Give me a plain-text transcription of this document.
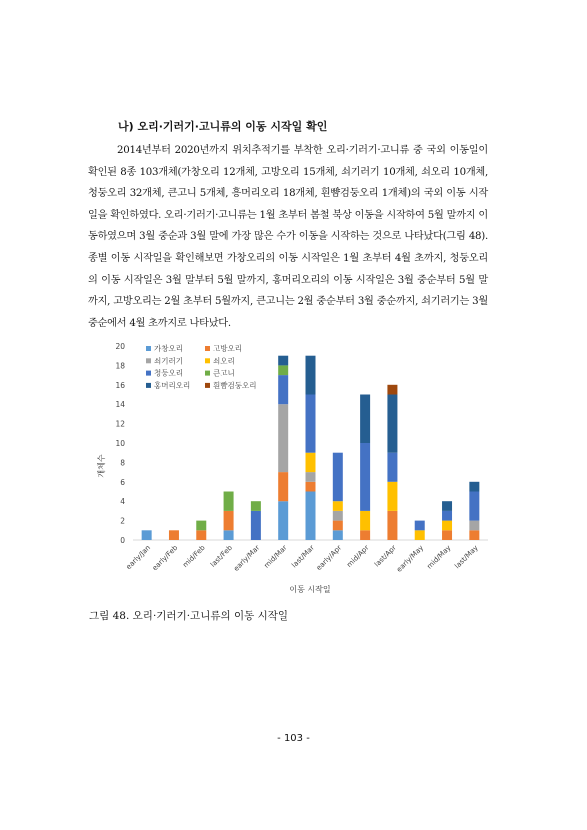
나) 오리·기러기·고니류의 이동 시작일 확인

2014년부터 2020년까지 위치추적기를 부착한 오리·기러기·고니류 중 국외 이동일이 확인된 8종 103개체(가창오리 12개체, 고방오리 15개체, 쇠기러기 10개체, 쇠오리 10개체, 청둥오리 32개체, 큰고니 5개체, 흥머리오리 18개체, 흰뺨검둥오리 1개체)의 국외 이동 시작일을 확인하였다. 오리·기러기·고니류는 1월 초부터 봄철 북상 이동을 시작하여 5월 말까지 이동하였으며 3월 중순과 3월 말에 가장 많은 수가 이동을 시작하는 것으로 나타났다(그림 48). 종별 이동 시작일을 확인해보면 가창오리의 이동 시작일은 1월 초부터 4월 초까지, 청둥오리의 이동 시작일은 3월 말부터 5월 말까지, 홍머리오리의 이동 시작일은 3월 중순부터 5월 말까지, 고방오리는 2월 초부터 5월까지, 큰고니는 2월 중순부터 3월 중순까지, 쇠기러기는 3월 중순에서 4월 초까지로 나타났다.

0
2
4
6
8
10
12
14
16
18
20
early/Jan
early/Feb mid/Feb last/Feb
early/Mar mid/Mar last/Mar early/Apr mid/Apr last/Apr
early/May mid/May last/May
가창오리	고방오리
쇠기러기	쇠오리
청둥오리	큰고니
홍머리오리	흰뺨검둥오리
개체수
이동 시작일
그림 48. 오리·기러기·고니류의 이동 시작일
- 103 -
